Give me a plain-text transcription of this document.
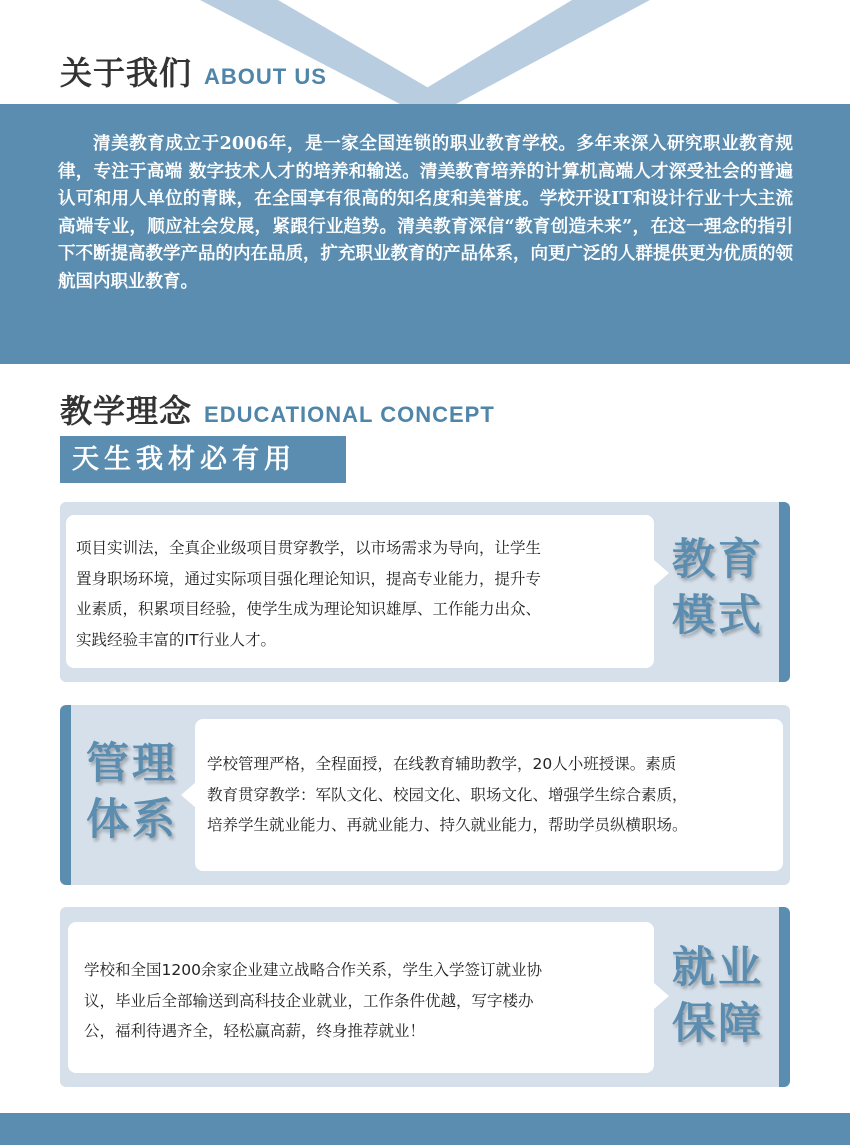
关于我们 ABOUT US

清美教育成立于2006年，是一家全国连锁的职业教育学校。多年来深入研究职业教育规律，专注于高端 数字技术人才的培养和输送。清美教育培养的计算机高端人才深受社会的普遍认可和用人单位的青睐，在全国享有很高的知名度和美誉度。学校开设IT和设计行业十大主流高端专业，顺应社会发展，紧跟行业趋势。清美教育深信“教育创造未来”，在这一理念的指引下不断提高教学产品的内在品质，扩充职业教育的产品体系，向更广泛的人群提供更为优质的领航国内职业教育。

教学理念 EDUCATIONAL CONCEPT
天生我材必有用
项目实训法，全真企业级项目贯穿教学，以市场需求为导向，让学生
置身职场环境，通过实际项目强化理论知识，提高专业能力，提升专
业素质，积累项目经验，使学生成为理论知识雄厚、工作能力出众、
实践经验丰富的IT行业人才。
教育
模式
学校管理严格，全程面授，在线教育辅助教学，20人小班授课。素质
教育贯穿教学：军队文化、校园文化、职场文化、增强学生综合素质，
培养学生就业能力、再就业能力、持久就业能力，帮助学员纵横职场。
管理
体系
学校和全国1200余家企业建立战略合作关系，学生入学签订就业协
议，毕业后全部输送到高科技企业就业，工作条件优越，写字楼办
公，福利待遇齐全，轻松赢高薪，终身推荐就业！
就业
保障
